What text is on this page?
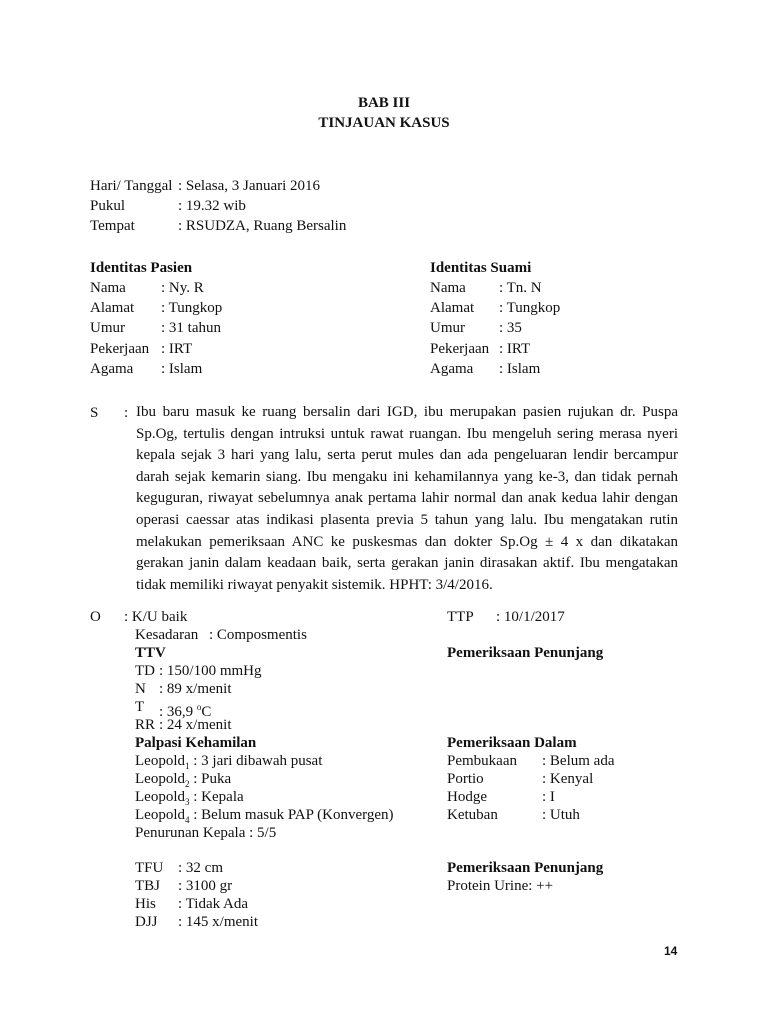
BAB III
TINJAUAN KASUS
Hari/ Tanggal : Selasa, 3 Januari 2016
Pukul	: 19.32 wib
Tempat	: RSUDZA, Ruang Bersalin
Identitas Pasien
Nama : Ny. R
Alamat : Tungkop
Umur : 31 tahun
Pekerjaan : IRT
Agama : Islam
Identitas Suami
Nama : Tn. N
Alamat : Tungkop
Umur : 35
Pekerjaan : IRT
Agama : Islam
S : Ibu baru masuk ke ruang bersalin dari IGD, ibu merupakan pasien rujukan dr. Puspa Sp.Og, tertulis dengan intruksi untuk rawat ruangan. Ibu mengeluh sering merasa nyeri kepala sejak 3 hari yang lalu, serta perut mules dan ada pengeluaran lendir bercampur darah sejak kemarin siang. Ibu mengaku ini kehamilannya yang ke-3, dan tidak pernah keguguran, riwayat sebelumnya anak pertama lahir normal dan anak kedua lahir dengan operasi caessar atas indikasi plasenta previa 5 tahun yang lalu. Ibu mengatakan rutin melakukan pemeriksaan ANC ke puskesmas dan dokter Sp.Og ± 4 x dan dikatakan gerakan janin dalam keadaan baik, serta gerakan janin dirasakan aktif. Ibu mengatakan tidak memiliki riwayat penyakit sistemik. HPHT: 3/4/2016.

O : K/U baik
Kesadaran : Composmentis
TTV
TD : 150/100 mmHg
N : 89 x/menit
T : 36,9 $^o$C
RR : 24 x/menit
Palpasi Kehamilan
Leopold$_1$ : 3 jari dibawah pusat
Leopold$_2$ : Puka
Leopold$_3$ : Kepala
Leopold$_4$ : Belum masuk PAP (Konvergen)
Penurunan Kepala : 5/5
TFU : 32 cm
TBJ : 3100 gr
His : Tidak Ada
DJJ : 145 x/menit
TTP : 10/1/2017
Pemeriksaan Penunjang
Pemeriksaan Dalam
Pembukaan : Belum ada
Portio	: Kenyal
Hodge	: I
Ketuban	: Utuh
Pemeriksaan Penunjang
Protein Urine: ++
14
